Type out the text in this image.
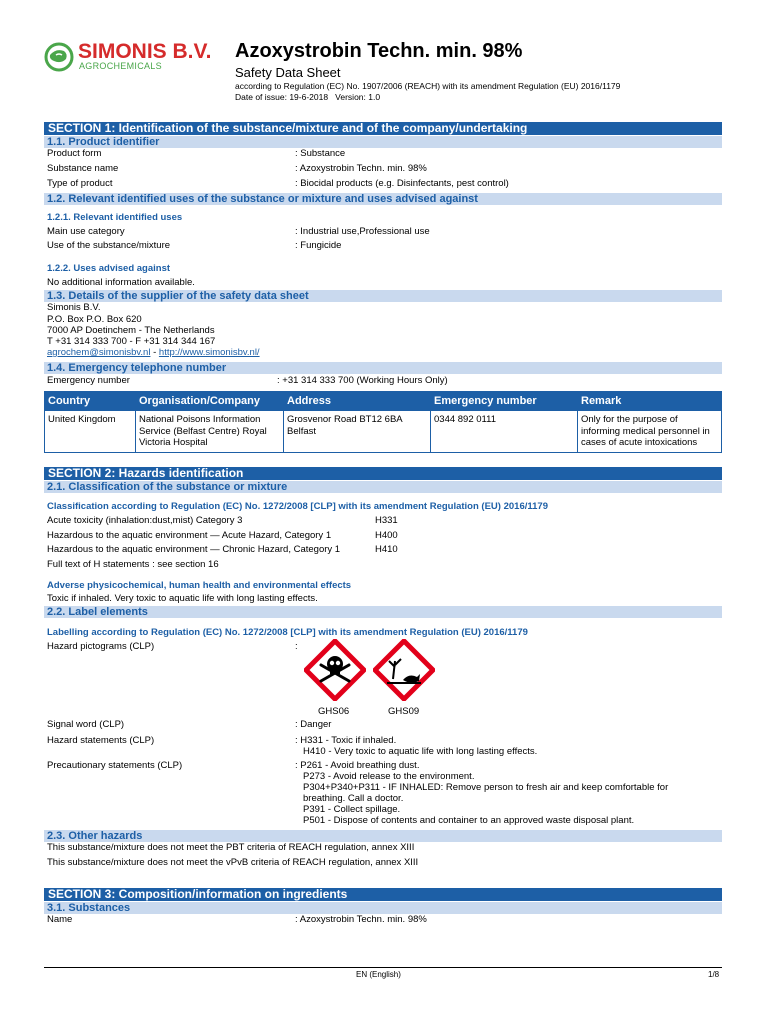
SIMONIS B.V.
AGROCHEMICALS
Azoxystrobin Techn. min. 98%
Safety Data Sheet
according to Regulation (EC) No. 1907/2006 (REACH) with its amendment Regulation (EU) 2016/1179
Date of issue: 19-6-2018   Version: 1.0
SECTION 1: Identification of the substance/mixture and of the company/undertaking
1.1. Product identifier
Product form	: Substance
Substance name	: Azoxystrobin Techn. min. 98%
Type of product	: Biocidal products (e.g. Disinfectants, pest control)
1.2. Relevant identified uses of the substance or mixture and uses advised against
1.2.1. Relevant identified uses
Main use category	: Industrial use,Professional use
Use of the substance/mixture	: Fungicide
1.2.2. Uses advised against
No additional information available.
1.3. Details of the supplier of the safety data sheet
Simonis B.V.
P.O. Box P.O. Box 620
7000 AP Doetinchem - The Netherlands
T +31 314 333 700 - F +31 314 344 167
agrochem@simonisbv.nl - http://www.simonisbv.nl/
1.4. Emergency telephone number
Emergency number	: +31 314 333 700 (Working Hours Only)
Country	Organisation/Company	Address	Emergency number	Remark
United Kingdom	National Poisons Information Service (Belfast Centre) Royal Victoria Hospital	Grosvenor Road BT12 6BA Belfast	0344 892 0111	Only for the purpose of informing medical personnel in cases of acute intoxications
SECTION 2: Hazards identification
2.1. Classification of the substance or mixture
Classification according to Regulation (EC) No. 1272/2008 [CLP] with its amendment Regulation (EU) 2016/1179
Acute toxicity (inhalation:dust,mist) Category 3	H331
Hazardous to the aquatic environment — Acute Hazard, Category 1	H400
Hazardous to the aquatic environment — Chronic Hazard, Category 1	H410
Full text of H statements : see section 16
Adverse physicochemical, human health and environmental effects
Toxic if inhaled. Very toxic to aquatic life with long lasting effects.
2.2. Label elements
Labelling according to Regulation (EC) No. 1272/2008 [CLP] with its amendment Regulation (EU) 2016/1179
Hazard pictograms (CLP)	:
GHS06	GHS09
Signal word (CLP)	: Danger
Hazard statements (CLP)	: H331 - Toxic if inhaled.
H410 - Very toxic to aquatic life with long lasting effects.
Precautionary statements (CLP)	: P261 - Avoid breathing dust.
P273 - Avoid release to the environment.
P304+P340+P311 - IF INHALED: Remove person to fresh air and keep comfortable for
breathing. Call a doctor.
P391 - Collect spillage.
P501 - Dispose of contents and container to an approved waste disposal plant.
2.3. Other hazards
This substance/mixture does not meet the PBT criteria of REACH regulation, annex XIII
This substance/mixture does not meet the vPvB criteria of REACH regulation, annex XIII
SECTION 3: Composition/information on ingredients
3.1. Substances
Name	: Azoxystrobin Techn. min. 98%
EN (English)	1/8
